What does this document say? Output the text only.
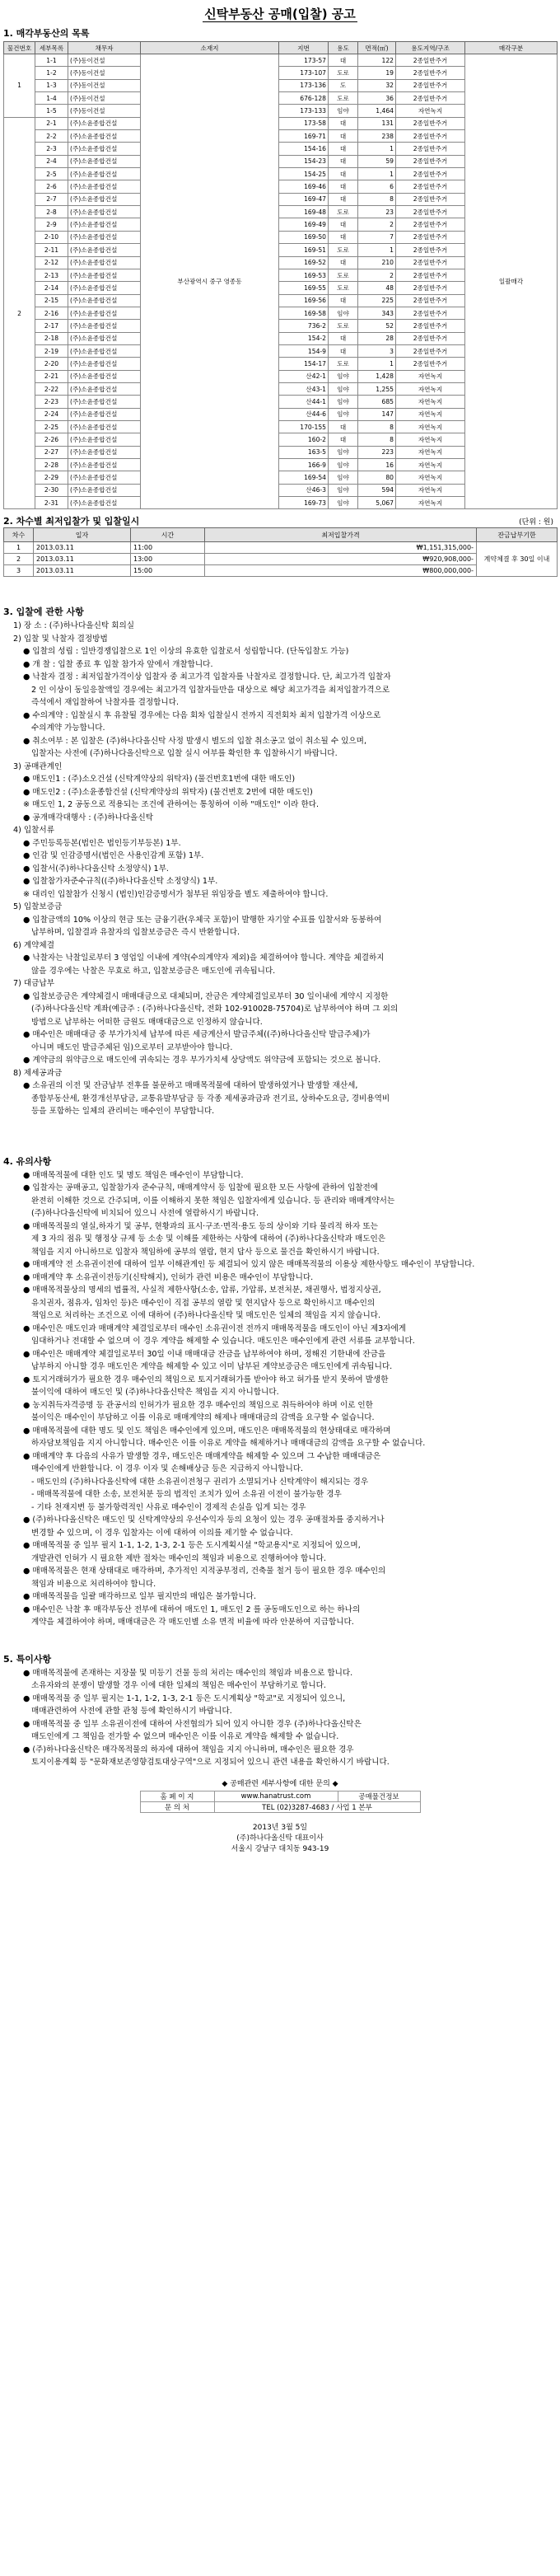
신탁부동산 공매(입찰) 공고
1. 매각부동산의 목록
물건번호	세부목록	채무자	소재지	지번	용도	면적(㎡)	용도지역/구조	매각구분
1	1-1	(주)동이건설	부산광역시 중구 영종동	173-57	대	122	2종일반주거	일괄매각
	1-2	(주)동이건설		173-107	도로	19	2종일반주거	
	1-3	(주)동이건설		173-136	도	32	2종일반주거	
	1-4	(주)동이건설		676-128	도로	36	2종일반주거	
	1-5	(주)동이건설		173-133	임야	1,464	자연녹지	
2	2-1	(주)소윤종합건설		173-58	대	131	2종일반주거	
	2-2	(주)소윤종합건설		169-71	대	238	2종일반주거	
	2-3	(주)소윤종합건설		154-16	대	1	2종일반주거	
	2-4	(주)소윤종합건설		154-23	대	59	2종일반주거	
	2-5	(주)소윤종합건설		154-25	대	1	2종일반주거	
	2-6	(주)소윤종합건설		169-46	대	6	2종일반주거	
	2-7	(주)소윤종합건설		169-47	대	8	2종일반주거	
	2-8	(주)소윤종합건설		169-48	도로	23	2종일반주거	
	2-9	(주)소윤종합건설		169-49	대	2	2종일반주거	
	2-10	(주)소윤종합건설		169-50	대	7	2종일반주거	
	2-11	(주)소윤종합건설		169-51	도로	1	2종일반주거	
	2-12	(주)소윤종합건설		169-52	대	210	2종일반주거	
	2-13	(주)소윤종합건설		169-53	도로	2	2종일반주거	
	2-14	(주)소윤종합건설		169-55	도로	48	2종일반주거	
	2-15	(주)소윤종합건설		169-56	대	225	2종일반주거	
	2-16	(주)소윤종합건설		169-58	임야	343	2종일반주거	
	2-17	(주)소윤종합건설		736-2	도로	52	2종일반주거	
	2-18	(주)소윤종합건설		154-2	대	28	2종일반주거	
	2-19	(주)소윤종합건설		154-9	대	3	2종일반주거	
	2-20	(주)소윤종합건설		154-17	도로	1	2종일반주거	
	2-21	(주)소윤종합건설		산42-1	임야	1,428	자연녹지	
	2-22	(주)소윤종합건설		산43-1	임야	1,255	자연녹지	
	2-23	(주)소윤종합건설		산44-1	임야	685	자연녹지	
	2-24	(주)소윤종합건설		산44-6	임야	147	자연녹지	
	2-25	(주)소윤종합건설		170-155	대	8	자연녹지	
	2-26	(주)소윤종합건설		160-2	대	8	자연녹지	
	2-27	(주)소윤종합건설		163-5	임야	223	자연녹지	
	2-28	(주)소윤종합건설		166-9	임야	16	자연녹지	
	2-29	(주)소윤종합건설		169-54	임야	80	자연녹지	
	2-30	(주)소윤종합건설		산46-3	임야	594	자연녹지	
	2-31	(주)소윤종합건설		169-73	임야	5,067	자연녹지	
2. 차수별 최저입찰가 및 입찰일시	(단위 : 원)
차수	일자	시간	최저입찰가격	잔금납부기한
1	2013.03.11	11:00	₩1,151,315,000-	계약체결 후 30일 이내
2	2013.03.11	13:00	₩920,908,000-	
3	2013.03.11	15:00	₩800,000,000-	
3. 입찰에 관한 사항

1) 장 소 : (주)하나다올신탁 회의실

2) 입찰 및 낙찰자 결정방법

● 입찰의 성립 : 일반경쟁입찰으로 1인 이상의 유효한 입찰로서 성립합니다. (단독입찰도 가능)

● 개 찰 : 입찰 종료 후 입찰 참가자 앞에서 개찰합니다.

● 낙찰자 결정 : 최저입찰가격이상 입찰자 중 최고가격 입찰자를 낙찰자로 결정합니다. 단, 최고가격 입찰자

2 인 이상이 동일응찰액일 경우에는 최고가격 입찰자들만을 대상으로 해당 최고가격을 최저입찰가격으로

즉석에서 재입찰하여 낙찰자를 결정합니다.

● 수의계약 : 입찰실시 후 유찰될 경우에는 다음 회차 입찰실시 전까지 직전회차 최저 입찰가격 이상으로

수의계약 가능합니다.

● 취소여부 : 본 입찰은 (주)하나다올신탁 사정 발생시 별도의 입찰 취소공고 없이 취소될 수 있으며,

입찰자는 사전에 (주)하나다올신탁으로 입찰 실시 여부를 확인한 후 입찰하시기 바랍니다.

3) 공매관계인

● 매도인1 : (주)소오건설 (신탁계약상의 위탁자) (물건번호1번에 대한 매도인)

● 매도인2 : (주)소윤종합건설 (신탁계약상의 위탁자) (물건번호 2번에 대한 매도인)

※ 매도인 1, 2 공동으로 적용되는 조건에 관하여는 통칭하여 이하 "매도인" 이라 한다.

● 공개매각대행사 : (주)하나다올신탁

4) 입찰서류

● 주민등록등본(법인은 법인등기부등본) 1부.

● 인감 및 인감증명서(법인은 사용인감계 포함) 1부.

● 입찰서(주)하나다올신탁 소정양식) 1부.

● 입찰참가자준수규칙((주)하나다올신탁 소정양식) 1부.

※ 대리인 입찰참가 신청시 (법인)인감증명서가 첨부된 위임장을 별도 제출하여야 합니다.

5) 입찰보증금

● 입찰금액의 10% 이상의 현금 또는 금융기관(우체국 포함)이 발행한 자기앞 수표를 입찰서와 동봉하여

납부하며, 입찰결과 유찰자의 입찰보증금은 즉시 반환합니다.

6) 계약체결

● 낙찰자는 낙찰일로부터 3 영업일 이내에 계약(수의계약자 제외)을 체결하여야 합니다. 계약을 체결하지

않을 경우에는 낙찰은 무효로 하고, 입찰보증금은 매도인에 귀속됩니다.

7) 대금납부

● 입찰보증금은 계약체결시 매매대금으로 대체되며, 잔금은 계약체결일로부터 30 일이내에 계약시 지정한

(주)하나다올신탁 계좌(예금주 : (주)하나다올신탁, 전화 102-910028-75704)로 납부하여야 하며 그 외의

방법으로 납부하는 어떠한 금원도 매매대금으로 인정하지 않습니다.

● 매수인은 매매대금 중 부가가치세 납부에 따른 세금계산서 발급주체((주)하나다올신탁 발급주체)가

아니며 매도인 발급주체된 임)으로부터 교부받아야 합니다.

● 계약금의 위약금으로 매도인에 귀속되는 경우 부가가치세 상당액도 위약금에 포함되는 것으로 봅니다.

8) 제세공과금

● 소유권의 이전 및 잔금납부 전후를 불문하고 매매목적물에 대하여 발생하였거나 발생할 재산세,

종합부동산세, 환경개선부담금, 교통유발부담금 등 각종 제세공과금과 전기료, 상하수도요금, 경비용역비

등을 포함하는 일체의 관리비는 매수인이 부담합니다.

4. 유의사항

● 매매목적물에 대한 인도 및 명도 책임은 매수인이 부담합니다.

● 입찰자는 공매공고, 입찰참가자 준수규칙, 매매계약서 등 입찰에 필요한 모든 사항에 관하여 입찰전에

완전히 이해한 것으로 간주되며, 이를 이해하지 못한 책임은 입찰자에게 있습니다. 등 관리와 매매계약서는

(주)하나다올신탁에 비치되어 있으니 사전에 열람하시기 바랍니다.

● 매매목적물의 열실,하자기 및 공부, 현황과의 표시·구조·면적·용도 등의 상이와 기타 물리적 하자 또는

제 3 자의 점유 및 행정상 규제 등 소송 및 이해를 제한하는 사항에 대하여 (주)하나다올신탁과 매도인은

책임을 지지 아니하므로 입찰자 책임하에 공부의 열람, 현지 답사 등으로 물건을 확인하시기 바랍니다.

● 매매계약 전 소유권이전에 대하여 일부 이해관계인 등 체결되어 있지 않은 매매목적물의 이용상 제한사항도 매수인이 부담합니다.

● 매매계약 후 소유권이전등기(신탁해지), 인허가 관련 비용은 매수인이 부담합니다.

● 매매목적물상의 명세의 법률적, 사실적 제한사항(소송, 압류, 가압류, 보전처분, 채권행사, 법정지상권,

유치권자, 점유자, 임차인 등)은 매수인이 직접 공부의 열람 및 현지답사 등으로 확인하시고 매수인의

책임으로 처리하는 조건으로 이에 대하여 (주)하나다올신탁 및 매도인은 일체의 책임을 지지 않습니다.

● 매수인은 매도인과 매매계약 체결일로부터 매수인 소유권이전 전까지 매매목적물을 매도인이 아닌 제3자에게

임대하거나 전대할 수 없으며 이 경우 계약을 해제할 수 있습니다. 매도인은 매수인에게 관련 서류를 교부합니다.

● 매수인은 매매계약 체결일로부터 30일 이내 매매대금 잔금을 납부하여야 하며, 정해진 기한내에 잔금을

납부하지 아니할 경우 매도인은 계약을 해제할 수 있고 이미 납부된 계약보증금은 매도인에게 귀속됩니다.

● 토지거래허가가 필요한 경우 매수인의 책임으로 토지거래허가를 받아야 하고 허가를 받지 못하여 발생한

불이익에 대하여 매도인 및 (주)하나다올신탁은 책임을 지지 아니합니다.

● 농지취득자격증명 등 관공서의 인허가가 필요한 경우 매수인의 책임으로 취득하여야 하며 이로 인한

불이익은 매수인이 부담하고 이를 이유로 매매계약의 해제나 매매대금의 감액을 요구할 수 없습니다.

● 매매목적물에 대한 명도 및 인도 책임은 매수인에게 있으며, 매도인은 매매목적물의 현상태대로 매각하며

하자담보책임을 지지 아니합니다. 매수인은 이를 이유로 계약을 해제하거나 매매대금의 감액을 요구할 수 없습니다.

● 매매계약 후 다음의 사유가 발생할 경우, 매도인은 매매계약을 해제할 수 있으며 그 수납한 매매대금은

매수인에게 반환합니다. 이 경우 이자 및 손해배상금 등은 지급하지 아니합니다.

- 매도인의 (주)하나다올신탁에 대한 소유권이전청구 권리가 소멸되거나 신탁계약이 해지되는 경우

- 매매목적물에 대한 소송, 보전처분 등의 법적인 조치가 있어 소유권 이전이 불가능한 경우

- 기타 천재지변 등 불가항력적인 사유로 매수인이 경제적 손실을 입게 되는 경우

● (주)하나다올신탁은 매도인 및 신탁계약상의 우선수익자 등의 요청이 있는 경우 공매절차를 중지하거나

변경할 수 있으며, 이 경우 입찰자는 이에 대하여 이의를 제기할 수 없습니다.

● 매매목적물 중 일부 필지 1-1, 1-2, 1-3, 2-1 등은 도시계획시설 "학교용지"로 지정되어 있으며,

개발관련 인허가 시 필요한 제반 절차는 매수인의 책임과 비용으로 진행하여야 합니다.

● 매매목적물은 현재 상태대로 매각하며, 추가적인 지적공부정리, 건축물 철거 등이 필요한 경우 매수인의

책임과 비용으로 처리하여야 합니다.

● 매매목적물을 일괄 매각하므로 일부 필지만의 매입은 불가합니다.

● 매수인은 낙찰 후 매각부동산 전부에 대하여 매도인 1, 매도인 2 를 공동매도인으로 하는 하나의

계약을 체결하여야 하며, 매매대금은 각 매도인별 소유 면적 비율에 따라 안분하여 지급합니다.

5. 특이사항

● 매매목적물에 존재하는 지장물 및 미등기 건물 등의 처리는 매수인의 책임과 비용으로 합니다.

소유자와의 분쟁이 발생할 경우 이에 대한 일체의 책임은 매수인이 부담하기로 합니다.

● 매매목적물 중 일부 필지는 1-1, 1-2, 1-3, 2-1 등은 도시계획상 "학교"로 지정되어 있으니,

매매관련하여 사전에 관할 관청 등에 확인하시기 바랍니다.

● 매매목적물 중 일부 소유권이전에 대하여 사전협의가 되어 있지 아니한 경우 (주)하나다올신탁은

매도인에게 그 책임을 전가할 수 없으며 매수인은 이를 이유로 계약을 해제할 수 없습니다.

● (주)하나다올신탁은 매각목적물의 하자에 대하여 책임을 지지 아니하며, 매수인은 필요한 경우

토지이용계획 등 "문화재보존영향검토대상구역"으로 지정되어 있으니 관련 내용을 확인하시기 바랍니다.

◆ 공매관련 세부사항에 대한 문의 ◆
홈 페 이 지	www.hanatrust.com	공매물건정보
문 의 처	TEL (02)3287-4683 / 사업 1 본부	
2013년 3월 5일
(주)하나다올신탁 대표이사
서울시 강남구 대치동 943-19
